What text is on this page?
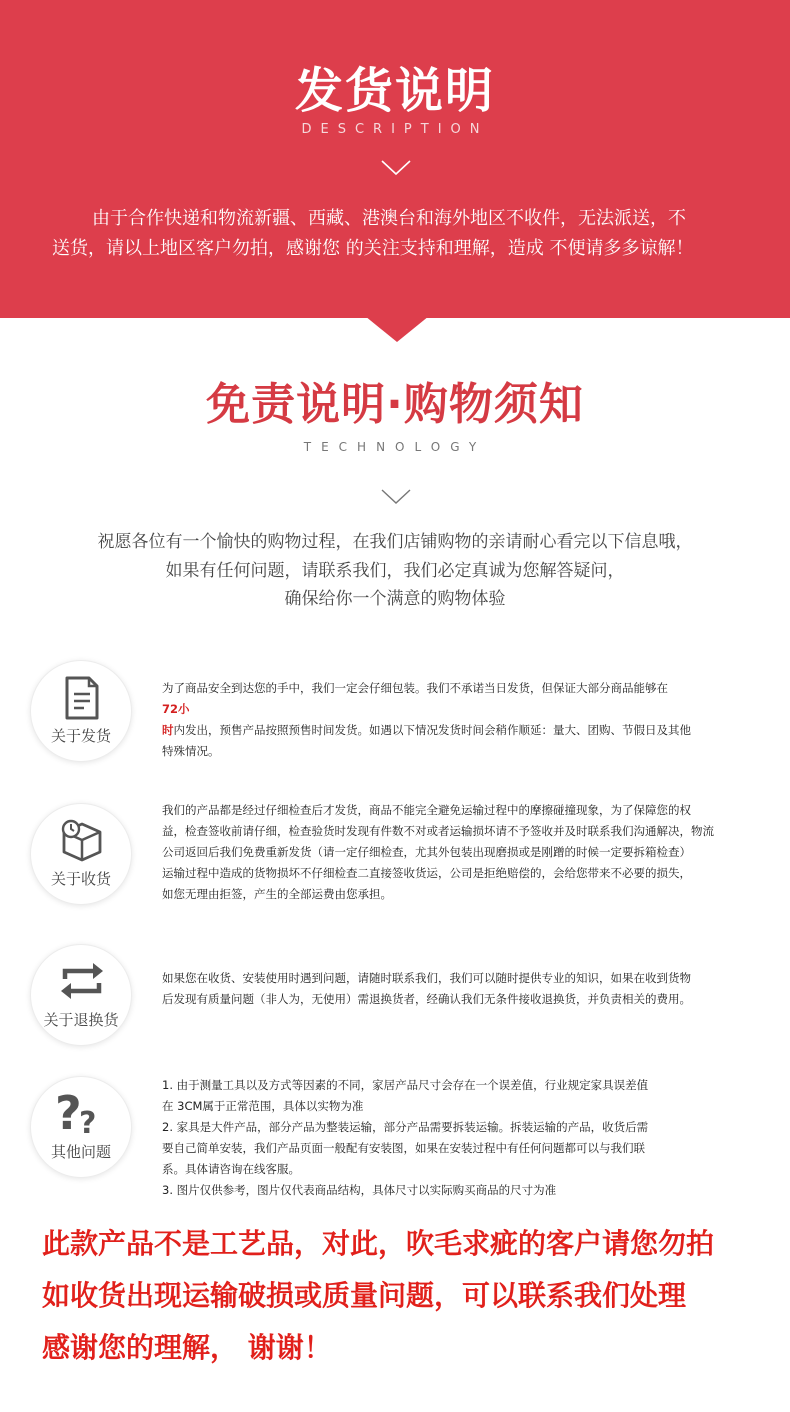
发货说明
DESCRIPTION
由于合作快递和物流新疆、西藏、港澳台和海外地区不收件，无法派送，不
送货，请以上地区客户勿拍，感谢您 的关注支持和理解，造成 不便请多多谅解！
免责说明·购物须知
TECHNOLOGY
祝愿各位有一个愉快的购物过程，在我们店铺购物的亲请耐心看完以下信息哦，
如果有任何问题，请联系我们，我们必定真诚为您解答疑问，
确保给你一个满意的购物体验
关于发货
为了商品安全到达您的手中，我们一定会仔细包装。我们不承诺当日发货，但保证大部分商品能够在
72小
时内发出，预售产品按照预售时间发货。如遇以下情况发货时间会稍作顺延：量大、团购、节假日及其他
特殊情况。
关于收货
我们的产品都是经过仔细检查后才发货，商品不能完全避免运输过程中的摩擦碰撞现象，为了保障您的权
益，检查签收前请仔细，检查验货时发现有件数不对或者运输损坏请不予签收并及时联系我们沟通解决，物流
公司返回后我们免费重新发货（请一定仔细检查，尤其外包装出现磨损或是刚蹭的时候一定要拆箱检查）
运输过程中造成的货物损坏不仔细检查二直接签收货运，公司是拒绝赔偿的，会给您带来不必要的损失，
如您无理由拒签，产生的全部运费由您承担。
关于退换货
如果您在收货、安装使用时遇到问题，请随时联系我们，我们可以随时提供专业的知识，如果在收到货物
后发现有质量问题（非人为，无使用）需退换货者，经确认我们无条件接收退换货，并负责相关的费用。
?
?
其他问题
1. 由于测量工具以及方式等因素的不同，家居产品尺寸会存在一个误差值，行业规定家具误差值
在 3CM属于正常范围，具体以实物为准
2. 家具是大件产品，部分产品为整装运输，部分产品需要拆装运输。拆装运输的产品，收货后需
要自己简单安装，我们产品页面一般配有安装图，如果在安装过程中有任何问题都可以与我们联
系。具体请咨询在线客服。
3. 图片仅供参考，图片仅代表商品结构，具体尺寸以实际购买商品的尺寸为准
此款产品不是工艺品，对此，吹毛求疵的客户请您勿拍
如收货出现运输破损或质量问题，可以联系我们处理
感谢您的理解， 谢谢！
